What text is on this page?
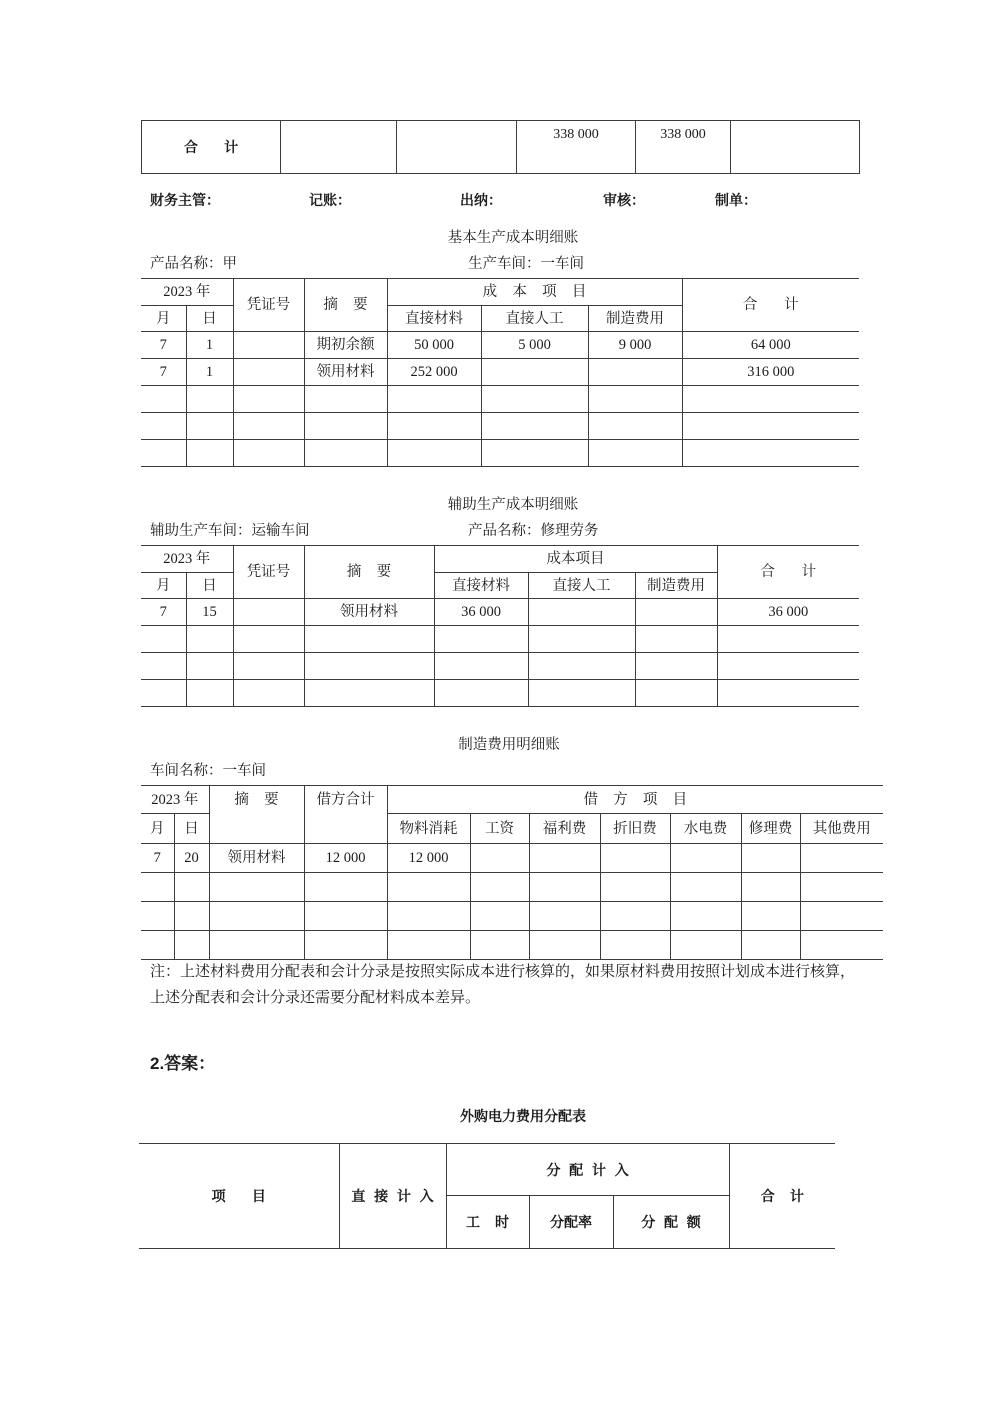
合 计			338 000	338 000	
财务主管：	记账：	出纳：	审核：	制单：
基本生产成本明细账
产品名称：甲	生产车间：一车间
2023 年		凭证号	摘 要	成 本 项 目			合 计
月	日			直接材料	直接人工	制造费用	
7	1		期初余额	50 000	5 000	9 000	64 000
7	1		领用材料	252 000			316 000

辅助生产成本明细账
辅助生产车间：运输车间	产品名称：修理劳务
2023 年		凭证号	摘 要	成本项目			合 计
月	日			直接材料	直接人工	制造费用	
7	15		领用材料	36 000			36 000

制造费用明细账
车间名称：一车间
2023 年		摘 要	借方合计	借 方 项 目						
月	日			物料消耗	工资	福利费	折旧费	水电费	修理费	其他费用
7	20	领用材料	12 000	12 000						

注：上述材料费用分配表和会计分录是按照实际成本进行核算的，如果原材料费用按照计划成本进行核算，
上述分配表和会计分录还需要分配材料成本差异。
2.答案：
外购电力费用分配表
项 目	直 接 计 入	分 配 计 入			合 计
		工 时	分配率	分 配 额	
